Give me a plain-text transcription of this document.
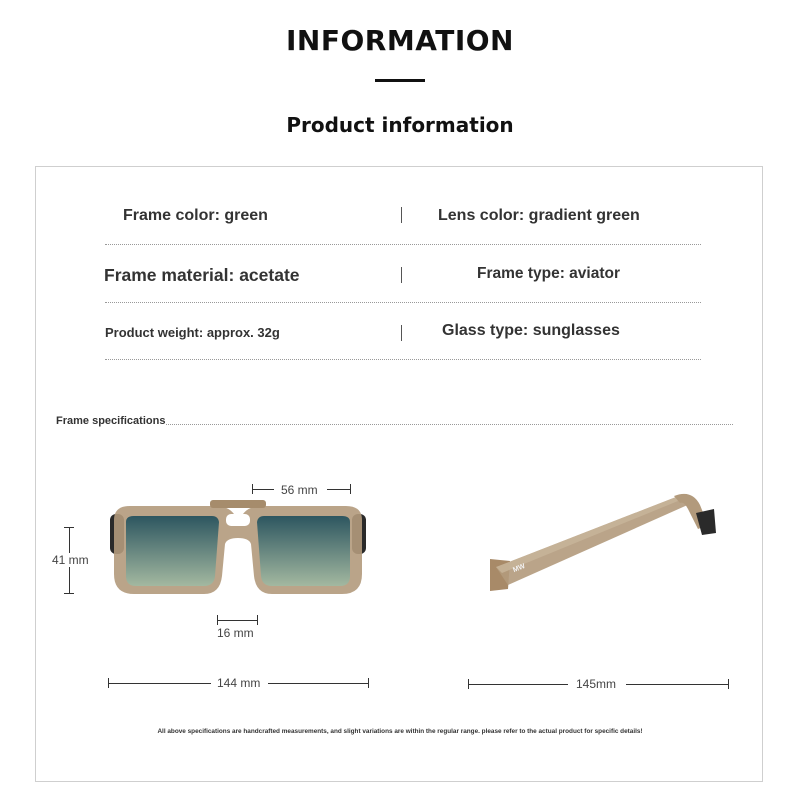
INFORMATION
Product information
Frame color: green	Lens color: gradient green
Frame material: acetate	Frame type: aviator
Product weight: approx. 32g	Glass type: sunglasses
Frame specifications
56 mm
41 mm
16 mm
144 mm
MW
145mm
All above specifications are handcrafted measurements, and slight variations are within the regular range. please refer to the actual product for specific details!
